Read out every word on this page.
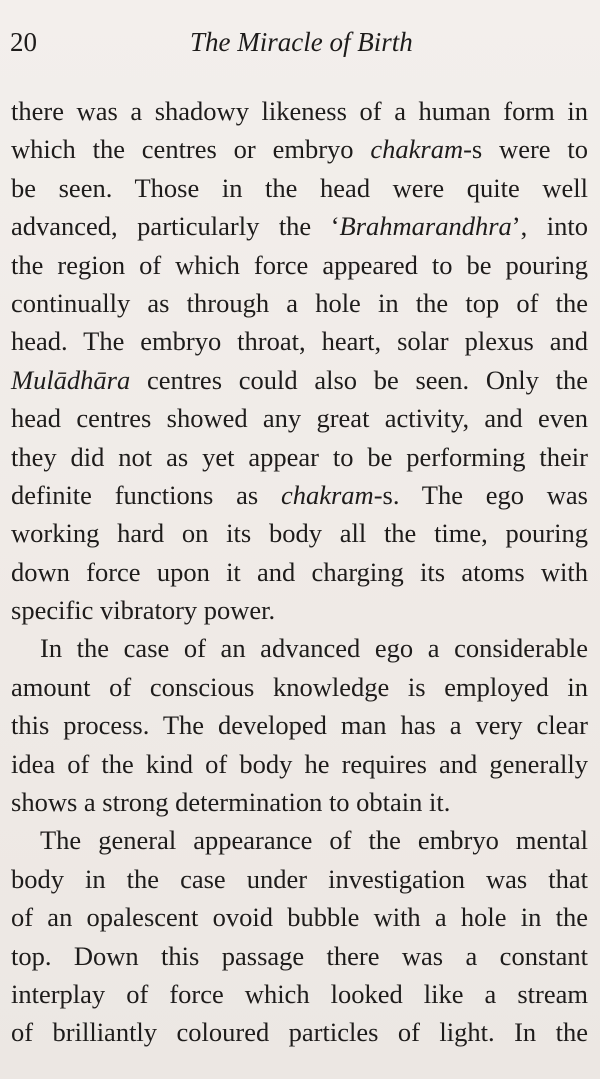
20	The Miracle of Birth
there was a shadowy likeness of a human form in
which the centres or embryo chakram-s were to
be seen. Those in the head were quite well
advanced, particularly the ‘Brahmarandhra’, into
the region of which force appeared to be pouring
continually as through a hole in the top of the
head. The embryo throat, heart, solar plexus and
Mulādhāra centres could also be seen. Only the
head centres showed any great activity, and even
they did not as yet appear to be performing their
definite functions as chakram-s. The ego was
working hard on its body all the time, pouring
down force upon it and charging its atoms with
specific vibratory power.
In the case of an advanced ego a considerable
amount of conscious knowledge is employed in
this process. The developed man has a very clear
idea of the kind of body he requires and generally
shows a strong determination to obtain it.
The general appearance of the embryo mental
body in the case under investigation was that
of an opalescent ovoid bubble with a hole in the
top. Down this passage there was a constant
interplay of force which looked like a stream
of brilliantly coloured particles of light. In the
